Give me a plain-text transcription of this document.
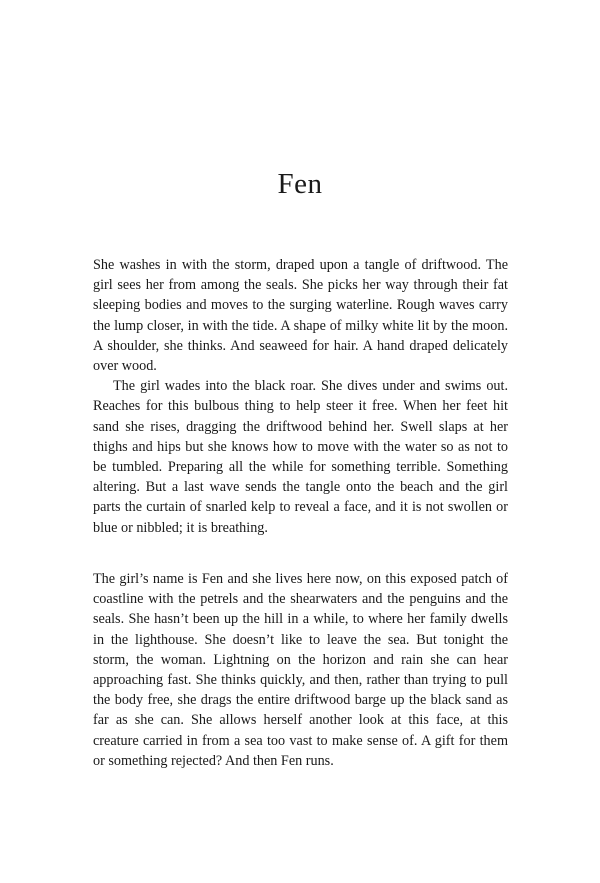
Fen

She washes in with the storm, draped upon a tangle of driftwood. The girl sees her from among the seals. She picks her way through their fat sleeping bodies and moves to the surging waterline. Rough waves carry the lump closer, in with the tide. A shape of milky white lit by the moon. A shoulder, she thinks. And seaweed for hair. A hand draped delicately over wood.

The girl wades into the black roar. She dives under and swims out. Reaches for this bulbous thing to help steer it free. When her feet hit sand she rises, dragging the driftwood behind her. Swell slaps at her thighs and hips but she knows how to move with the water so as not to be tumbled. Preparing all the while for something terrible. Something altering. But a last wave sends the tangle onto the beach and the girl parts the curtain of snarled kelp to reveal a face, and it is not swollen or blue or nibbled; it is breathing.

The girl’s name is Fen and she lives here now, on this exposed patch of coastline with the petrels and the shearwaters and the penguins and the seals. She hasn’t been up the hill in a while, to where her family dwells in the lighthouse. She doesn’t like to leave the sea. But tonight the storm, the woman. Lightning on the horizon and rain she can hear approaching fast. She thinks quickly, and then, rather than trying to pull the body free, she drags the entire driftwood barge up the black sand as far as she can. She allows herself another look at this face, at this creature carried in from a sea too vast to make sense of. A gift for them or something rejected? And then Fen runs.
